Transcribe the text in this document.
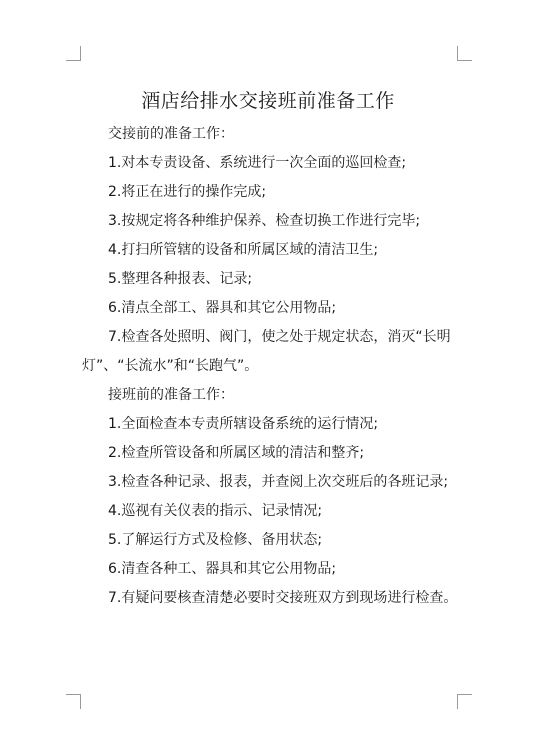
酒店给排水交接班前准备工作

交接前的准备工作：

1.对本专责设备、系统进行一次全面的巡回检查;

2.将正在进行的操作完成;

3.按规定将各种维护保养、检查切换工作进行完毕;

4.打扫所管辖的设备和所属区域的清洁卫生;

5.整理各种报表、记录;

6.清点全部工、器具和其它公用物品;

7.检查各处照明、阀门，使之处于规定状态，消灭“长明灯”、“长流水”和“长跑气”。

接班前的准备工作：

1.全面检查本专责所辖设备系统的运行情况;

2.检查所管设备和所属区域的清洁和整齐;

3.检查各种记录、报表，并查阅上次交班后的各班记录;

4.巡视有关仪表的指示、记录情况;

5.了解运行方式及检修、备用状态;

6.清查各种工、器具和其它公用物品;

7.有疑问要核查清楚必要时交接班双方到现场进行检查。
